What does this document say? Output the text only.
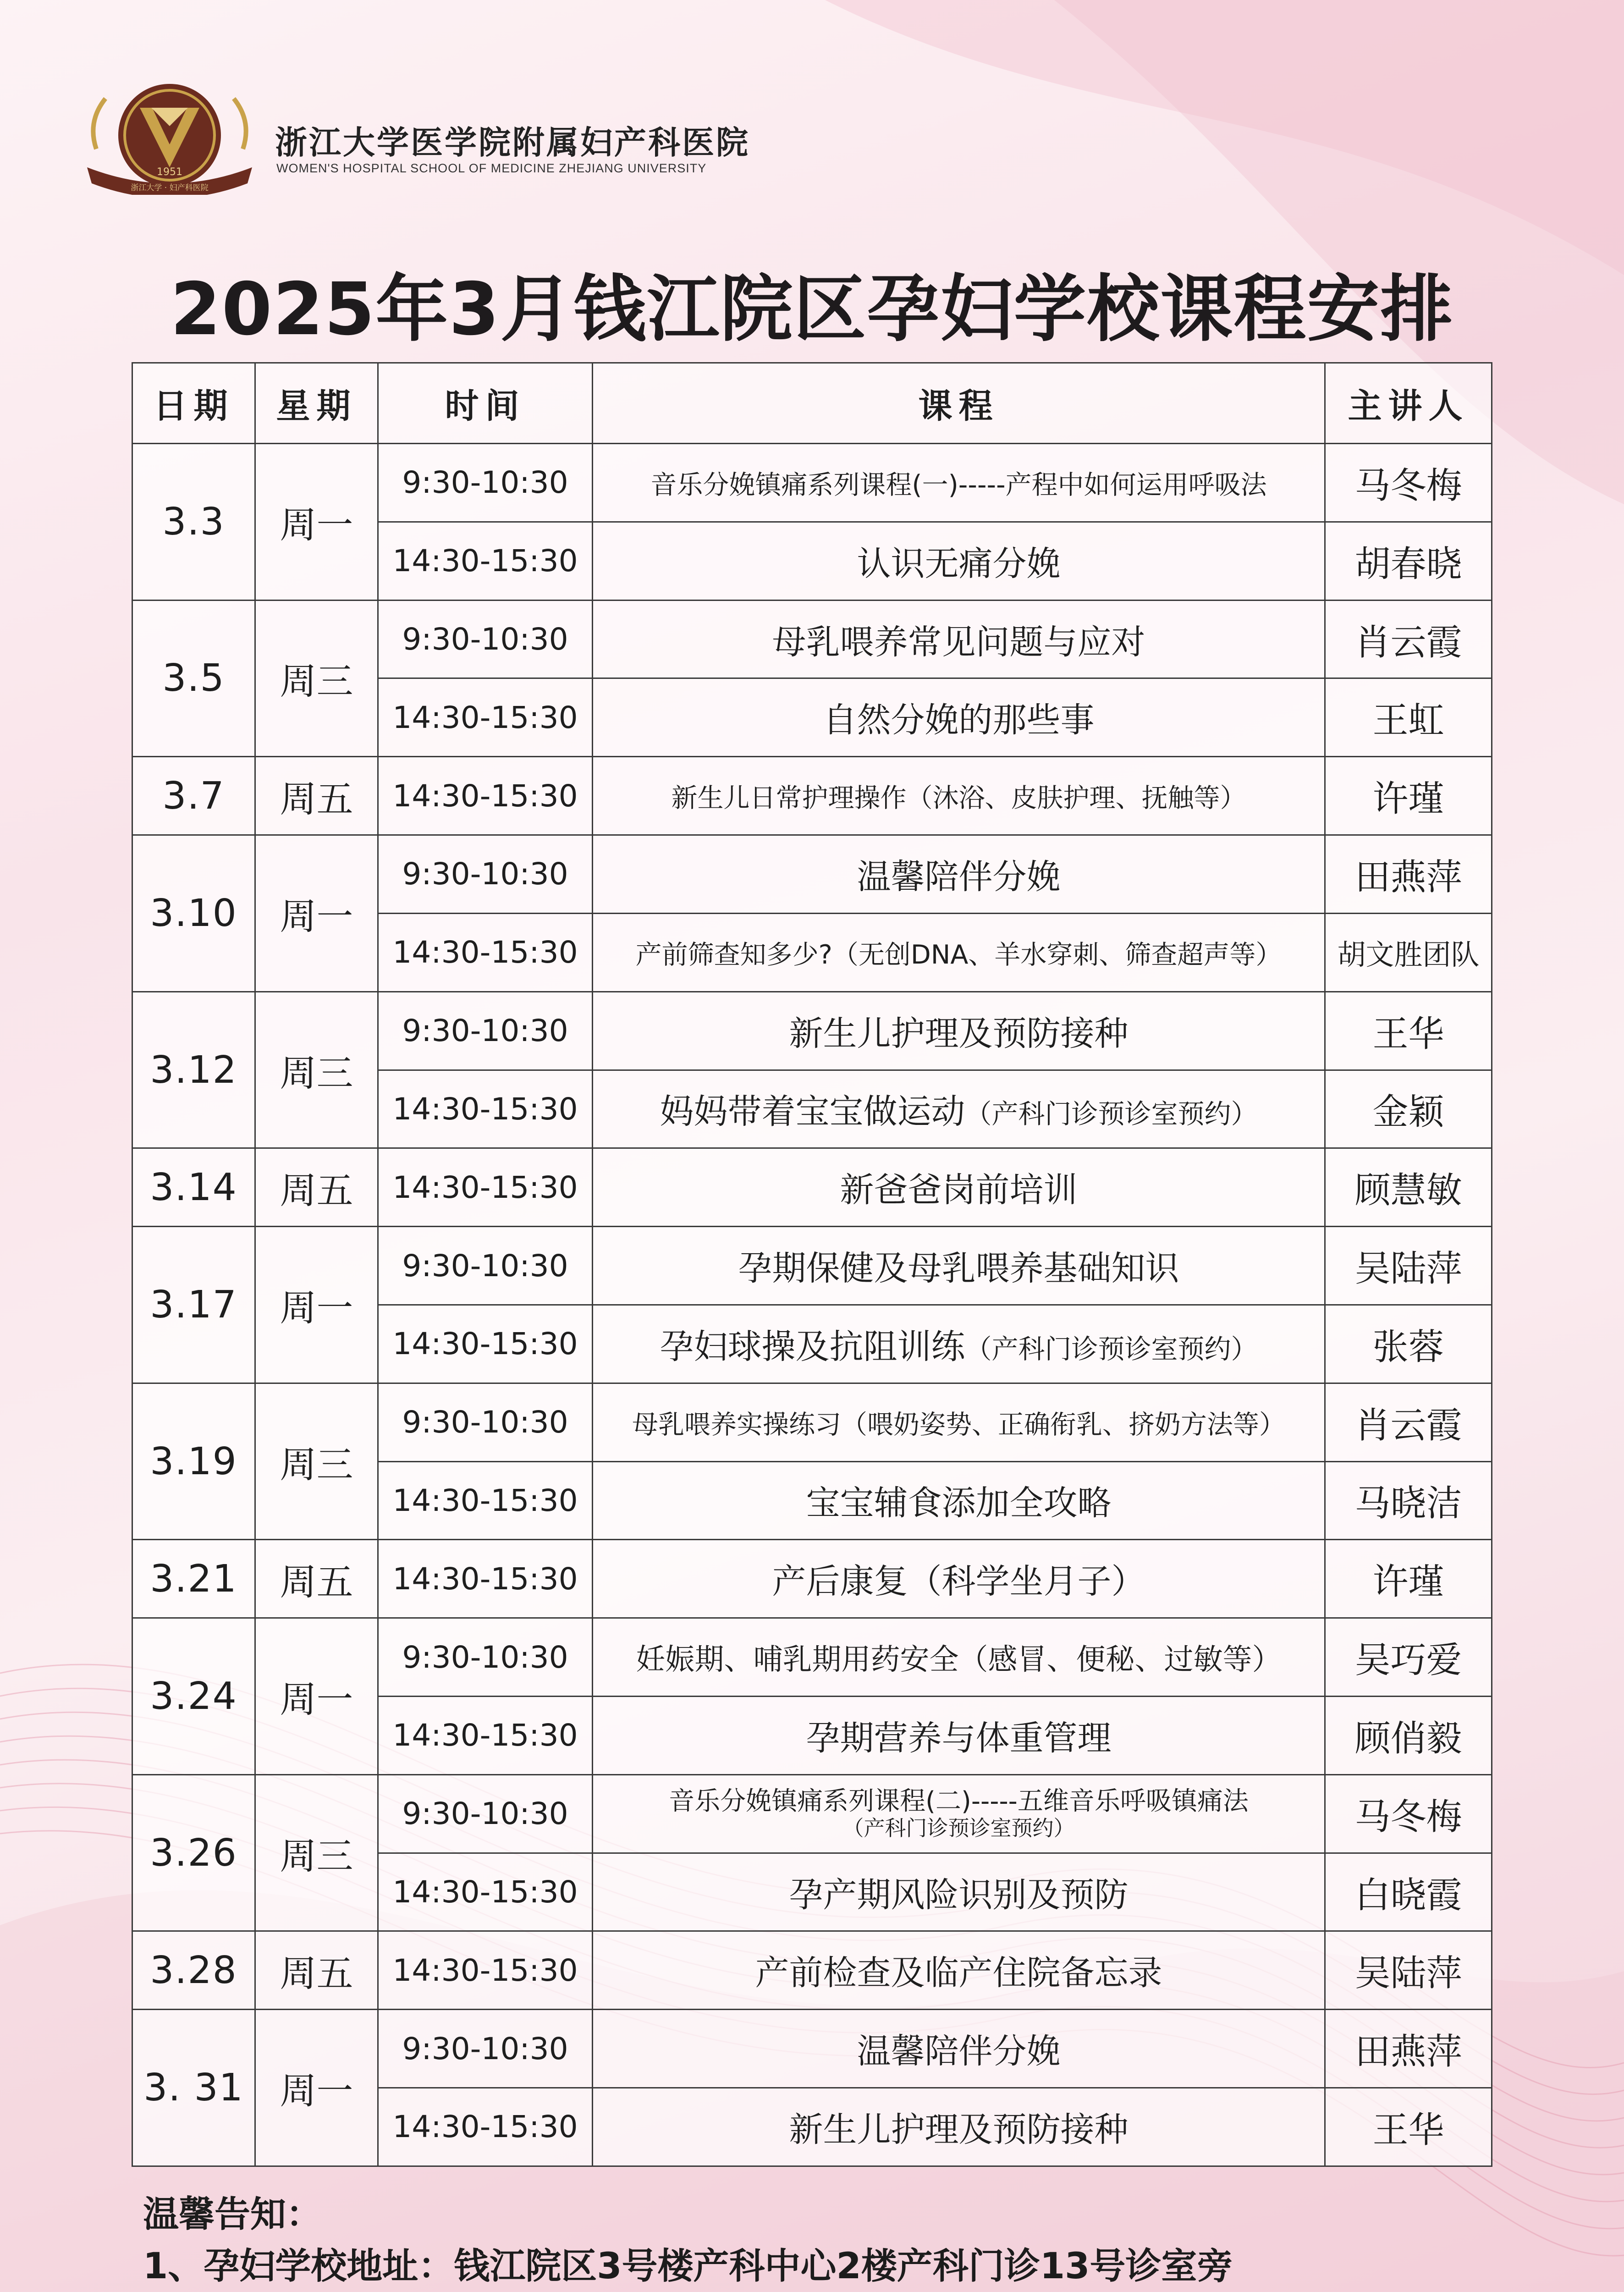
1951
浙江大学 · 妇产科医院
浙江大学医学院附属妇产科医院
WOMEN'S HOSPITAL SCHOOL OF MEDICINE ZHEJIANG UNIVERSITY
2025年3月钱江院区孕妇学校课程安排
日期	星期	时间	课程	主讲人
3.3	周一	9:30-10:30	音乐分娩镇痛系列课程(一)-----产程中如何运用呼吸法	马冬梅
		14:30-15:30	认识无痛分娩	胡春晓
3.5	周三	9:30-10:30	母乳喂养常见问题与应对	肖云霞
		14:30-15:30	自然分娩的那些事	王虹
3.7	周五	14:30-15:30	新生儿日常护理操作（沐浴、皮肤护理、抚触等）	许瑾
3.10	周一	9:30-10:30	温馨陪伴分娩	田燕萍
		14:30-15:30	产前筛查知多少?（无创DNA、羊水穿刺、筛查超声等）	胡文胜团队
3.12	周三	9:30-10:30	新生儿护理及预防接种	王华
		14:30-15:30	妈妈带着宝宝做运动（产科门诊预诊室预约）	金颖
3.14	周五	14:30-15:30	新爸爸岗前培训	顾慧敏
3.17	周一	9:30-10:30	孕期保健及母乳喂养基础知识	吴陆萍
		14:30-15:30	孕妇球操及抗阻训练（产科门诊预诊室预约）	张蓉
3.19	周三	9:30-10:30	母乳喂养实操练习（喂奶姿势、正确衔乳、挤奶方法等）	肖云霞
		14:30-15:30	宝宝辅食添加全攻略	马晓洁
3.21	周五	14:30-15:30	产后康复（科学坐月子）	许瑾
3.24	周一	9:30-10:30	妊娠期、哺乳期用药安全（感冒、便秘、过敏等）	吴巧爱
		14:30-15:30	孕期营养与体重管理	顾俏毅
3.26	周三	9:30-10:30	音乐分娩镇痛系列课程(二)-----五维音乐呼吸镇痛法
（产科门诊预诊室预约）	马冬梅
		14:30-15:30	孕产期风险识别及预防	白晓霞
3.28	周五	14:30-15:30	产前检查及临产住院备忘录	吴陆萍
3. 31	周一	9:30-10:30	温馨陪伴分娩	田燕萍
		14:30-15:30	新生儿护理及预防接种	王华
温馨告知：
1、孕妇学校地址：钱江院区3号楼产科中心2楼产科门诊13号诊室旁
